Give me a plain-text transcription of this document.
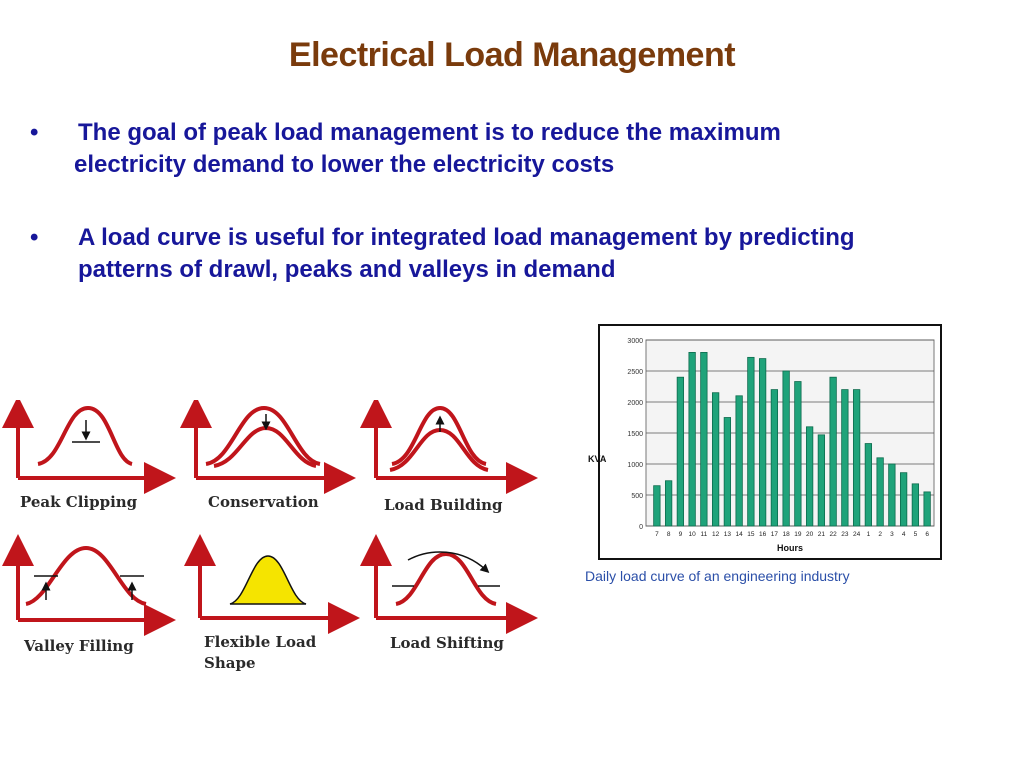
Electrical Load Management
• The goal of peak load management is to reduce the maximum
electricity demand to lower the electricity costs
• A load curve is useful for integrated load management by predicting
patterns of drawl, peaks and valleys in demand
Peak Clipping	Conservation	Load Building
Valley Filling	Flexible Load
Shape
Load Shifting
0
500
1000
1500
2000
2500
3000
7 8 9 10 11 12 13 14 15 16 17 18 19 20 21 22 23 24 1 2 3 4 5 6
Hours
KVA
Daily load curve of an engineering industry
